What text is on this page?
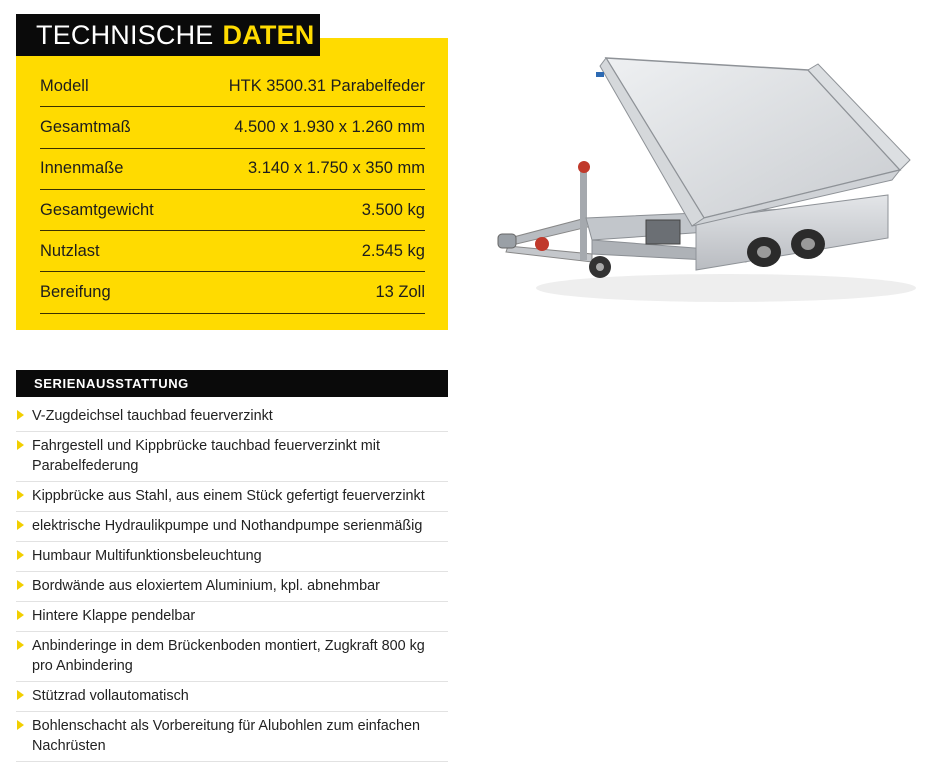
TECHNISCHE DATEN
Modell	HTK 3500.31 Parabelfeder
Gesamtmaß	4.500 x 1.930 x 1.260 mm
Innenmaße	3.140 x 1.750 x 350 mm
Gesamtgewicht	3.500 kg
Nutzlast	2.545 kg
Bereifung	13 Zoll
SERIENAUSSTATTUNG
V-Zugdeichsel tauchbad feuerverzinkt
Fahrgestell und Kippbrücke tauchbad feuerverzinkt mit Parabelfederung
Kippbrücke aus Stahl, aus einem Stück gefertigt feuerverzinkt
elektrische Hydraulikpumpe und Nothandpumpe serienmäßig
Humbaur Multifunktionsbeleuchtung
Bordwände aus eloxiertem Aluminium, kpl. abnehmbar
Hintere Klappe pendelbar
Anbinderinge in dem Brückenboden montiert, Zugkraft 800 kg pro Anbindering
Stützrad vollautomatisch
Bohlenschacht als Vorbereitung für Alubohlen zum einfachen Nachrüsten
